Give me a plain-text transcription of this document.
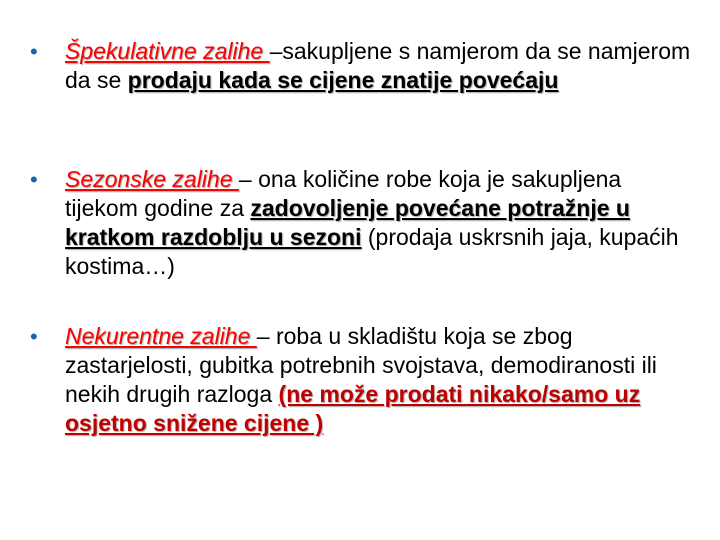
•	Špekulativne zalihe –sakupljene s namjerom da se namjerom da se prodaju kada se cijene znatije povećaju
•	Sezonske zalihe – ona količine robe koja je sakupljena tijekom godine za zadovoljenje povećane potražnje u kratkom razdoblju u sezoni (prodaja uskrsnih jaja, kupaćih kostima…)
•	Nekurentne zalihe – roba u skladištu koja se zbog zastarjelosti, gubitka potrebnih svojstava, demodiranosti ili nekih drugih razloga (ne može prodati nikako/samo uz osjetno snižene cijene )
